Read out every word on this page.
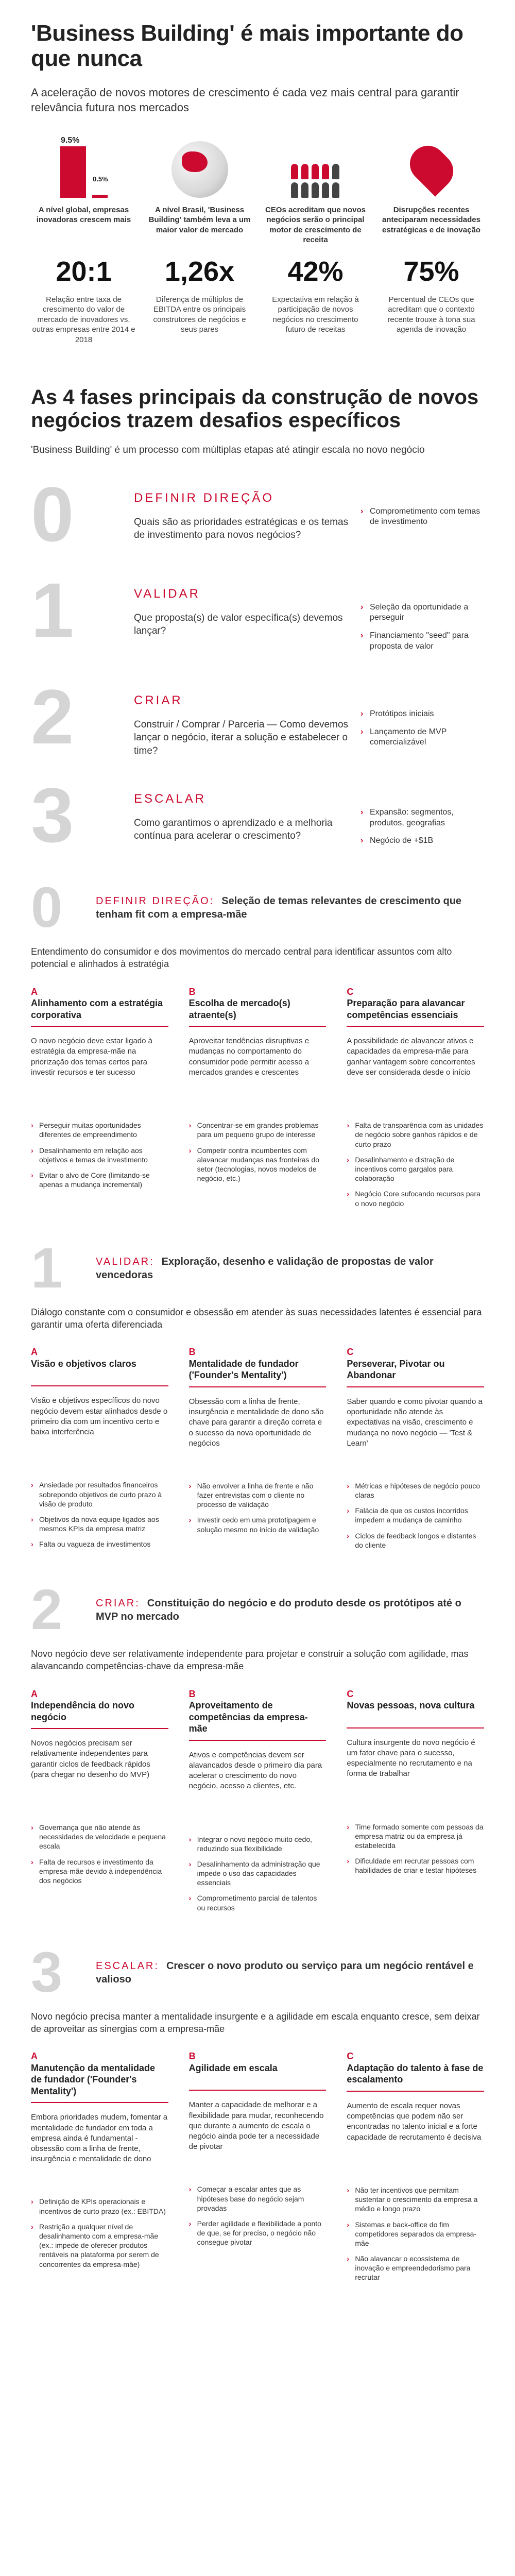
'Business Building' é mais importante do que nunca

A aceleração de novos motores de crescimento é cada vez mais central para garantir relevância futura nos mercados

9.5%
0.5%
A nível global, empresas inovadoras crescem mais
20:1
Relação entre taxa de crescimento do valor de mercado de inovadores vs. outras empresas entre 2014 e 2018
A nível Brasil, 'Business Building' também leva a um maior valor de mercado
1,26x
Diferença de múltiplos de EBITDA entre os principais construtores de negócios e seus pares
CEOs acreditam que novos negócios serão o principal motor de crescimento de receita
42%
Expectativa em relação à participação de novos negócios no crescimento futuro de receitas
Disrupções recentes anteciparam necessidades estratégicas e de inovação
75%
Percentual de CEOs que acreditam que o contexto recente trouxe à tona sua agenda de inovação
As 4 fases principais da construção de novos negócios trazem desafios específicos

'Business Building' é um processo com múltiplas etapas até atingir escala no novo negócio

0	DEFINIR DIREÇÃO
Quais são as prioridades estratégicas e os temas de investimento para novos negócios?
› Comprometimento com temas de investimento
1	VALIDAR
Que proposta(s) de valor específica(s) devemos lançar?
› Seleção da oportunidade a perseguir
› Financiamento "seed" para proposta de valor
2	CRIAR
Construir / Comprar / Parceria — Como devemos lançar o negócio, iterar a solução e estabelecer o time?
› Protótipos iniciais
› Lançamento de MVP comercializável
3	ESCALAR
Como garantimos o aprendizado e a melhoria contínua para acelerar o crescimento?
› Expansão: segmentos, produtos, geografias
› Negócio de +$1B
0	DEFINIR DIREÇÃO: Seleção de temas relevantes de crescimento que tenham fit com a empresa-mãe
Entendimento do consumidor e dos movimentos do mercado central para identificar assuntos com alto potencial e alinhados à estratégia
A
Alinhamento com a estratégia corporativa
O novo negócio deve estar ligado à estratégia da empresa-mãe na priorização dos temas certos para investir recursos e ter sucesso
› Perseguir muitas oportunidades diferentes de empreendimento
› Desalinhamento em relação aos objetivos e temas de investimento
› Evitar o alvo de Core (limitando-se apenas a mudança incremental)
B
Escolha de mercado(s) atraente(s)
Aproveitar tendências disruptivas e mudanças no comportamento do consumidor pode permitir acesso a mercados grandes e crescentes
› Concentrar-se em grandes problemas para um pequeno grupo de interesse
› Competir contra incumbentes com alavancar mudanças nas fronteiras do setor (tecnologias, novos modelos de negócio, etc.)
C
Preparação para alavancar competências essenciais
A possibilidade de alavancar ativos e capacidades da empresa-mãe para ganhar vantagem sobre concorrentes deve ser considerada desde o início
› Falta de transparência com as unidades de negócio sobre ganhos rápidos e de curto prazo
› Desalinhamento e distração de incentivos como gargalos para colaboração
› Negócio Core sufocando recursos para o novo negócio
1	VALIDAR: Exploração, desenho e validação de propostas de valor vencedoras
Diálogo constante com o consumidor e obsessão em atender às suas necessidades latentes é essencial para garantir uma oferta diferenciada
A
Visão e objetivos claros
Visão e objetivos específicos do novo negócio devem estar alinhados desde o primeiro dia com um incentivo certo e baixa interferência
› Ansiedade por resultados financeiros sobrepondo objetivos de curto prazo à visão de produto
› Objetivos da nova equipe ligados aos mesmos KPIs da empresa matriz
› Falta ou vagueza de investimentos
B
Mentalidade de fundador ('Founder's Mentality')
Obsessão com a linha de frente, insurgência e mentalidade de dono são chave para garantir a direção correta e o sucesso da nova oportunidade de negócios
› Não envolver a linha de frente e não fazer entrevistas com o cliente no processo de validação
› Investir cedo em uma prototipagem e solução mesmo no início de validação
C
Perseverar, Pivotar ou Abandonar
Saber quando e como pivotar quando a oportunidade não atende às expectativas na visão, crescimento e mudança no novo negócio — 'Test & Learn'
› Métricas e hipóteses de negócio pouco claras
› Falácia de que os custos incorridos impedem a mudança de caminho
› Ciclos de feedback longos e distantes do cliente
2	CRIAR: Constituição do negócio e do produto desde os protótipos até o MVP no mercado
Novo negócio deve ser relativamente independente para projetar e construir a solução com agilidade, mas alavancando competências-chave da empresa-mãe
A
Independência do novo negócio
Novos negócios precisam ser relativamente independentes para garantir ciclos de feedback rápidos (para chegar no desenho do MVP)
› Governança que não atende às necessidades de velocidade e pequena escala
› Falta de recursos e investimento da empresa-mãe devido à independência dos negócios
B
Aproveitamento de competências da empresa-mãe
Ativos e competências devem ser alavancados desde o primeiro dia para acelerar o crescimento do novo negócio, acesso a clientes, etc.
› Integrar o novo negócio muito cedo, reduzindo sua flexibilidade
› Desalinhamento da administração que impede o uso das capacidades essenciais
› Comprometimento parcial de talentos ou recursos
C
Novas pessoas, nova cultura
Cultura insurgente do novo negócio é um fator chave para o sucesso, especialmente no recrutamento e na forma de trabalhar
› Time formado somente com pessoas da empresa matriz ou da empresa já estabelecida
› Dificuldade em recrutar pessoas com habilidades de criar e testar hipóteses
3	ESCALAR: Crescer o novo produto ou serviço para um negócio rentável e valioso
Novo negócio precisa manter a mentalidade insurgente e a agilidade em escala enquanto cresce, sem deixar de aproveitar as sinergias com a empresa-mãe
A
Manutenção da mentalidade de fundador ('Founder's Mentality')
Embora prioridades mudem, fomentar a mentalidade de fundador em toda a empresa ainda é fundamental - obsessão com a linha de frente, insurgência e mentalidade de dono
› Definição de KPIs operacionais e incentivos de curto prazo (ex.: EBITDA)
› Restrição a qualquer nível de desalinhamento com a empresa-mãe (ex.: impede de oferecer produtos rentáveis na plataforma por serem de concorrentes da empresa-mãe)
B
Agilidade em escala
Manter a capacidade de melhorar e a flexibilidade para mudar, reconhecendo que durante a aumento de escala o negócio ainda pode ter a necessidade de pivotar
› Começar a escalar antes que as hipóteses base do negócio sejam provadas
› Perder agilidade e flexibilidade a ponto de que, se for preciso, o negócio não consegue pivotar
C
Adaptação do talento à fase de escalamento
Aumento de escala requer novas competências que podem não ser encontradas no talento inicial e a forte capacidade de recrutamento é decisiva
› Não ter incentivos que permitam sustentar o crescimento da empresa a médio e longo prazo
› Sistemas e back-office do fim competidores separados da empresa-mãe
› Não alavancar o ecossistema de inovação e empreendedorismo para recrutar
